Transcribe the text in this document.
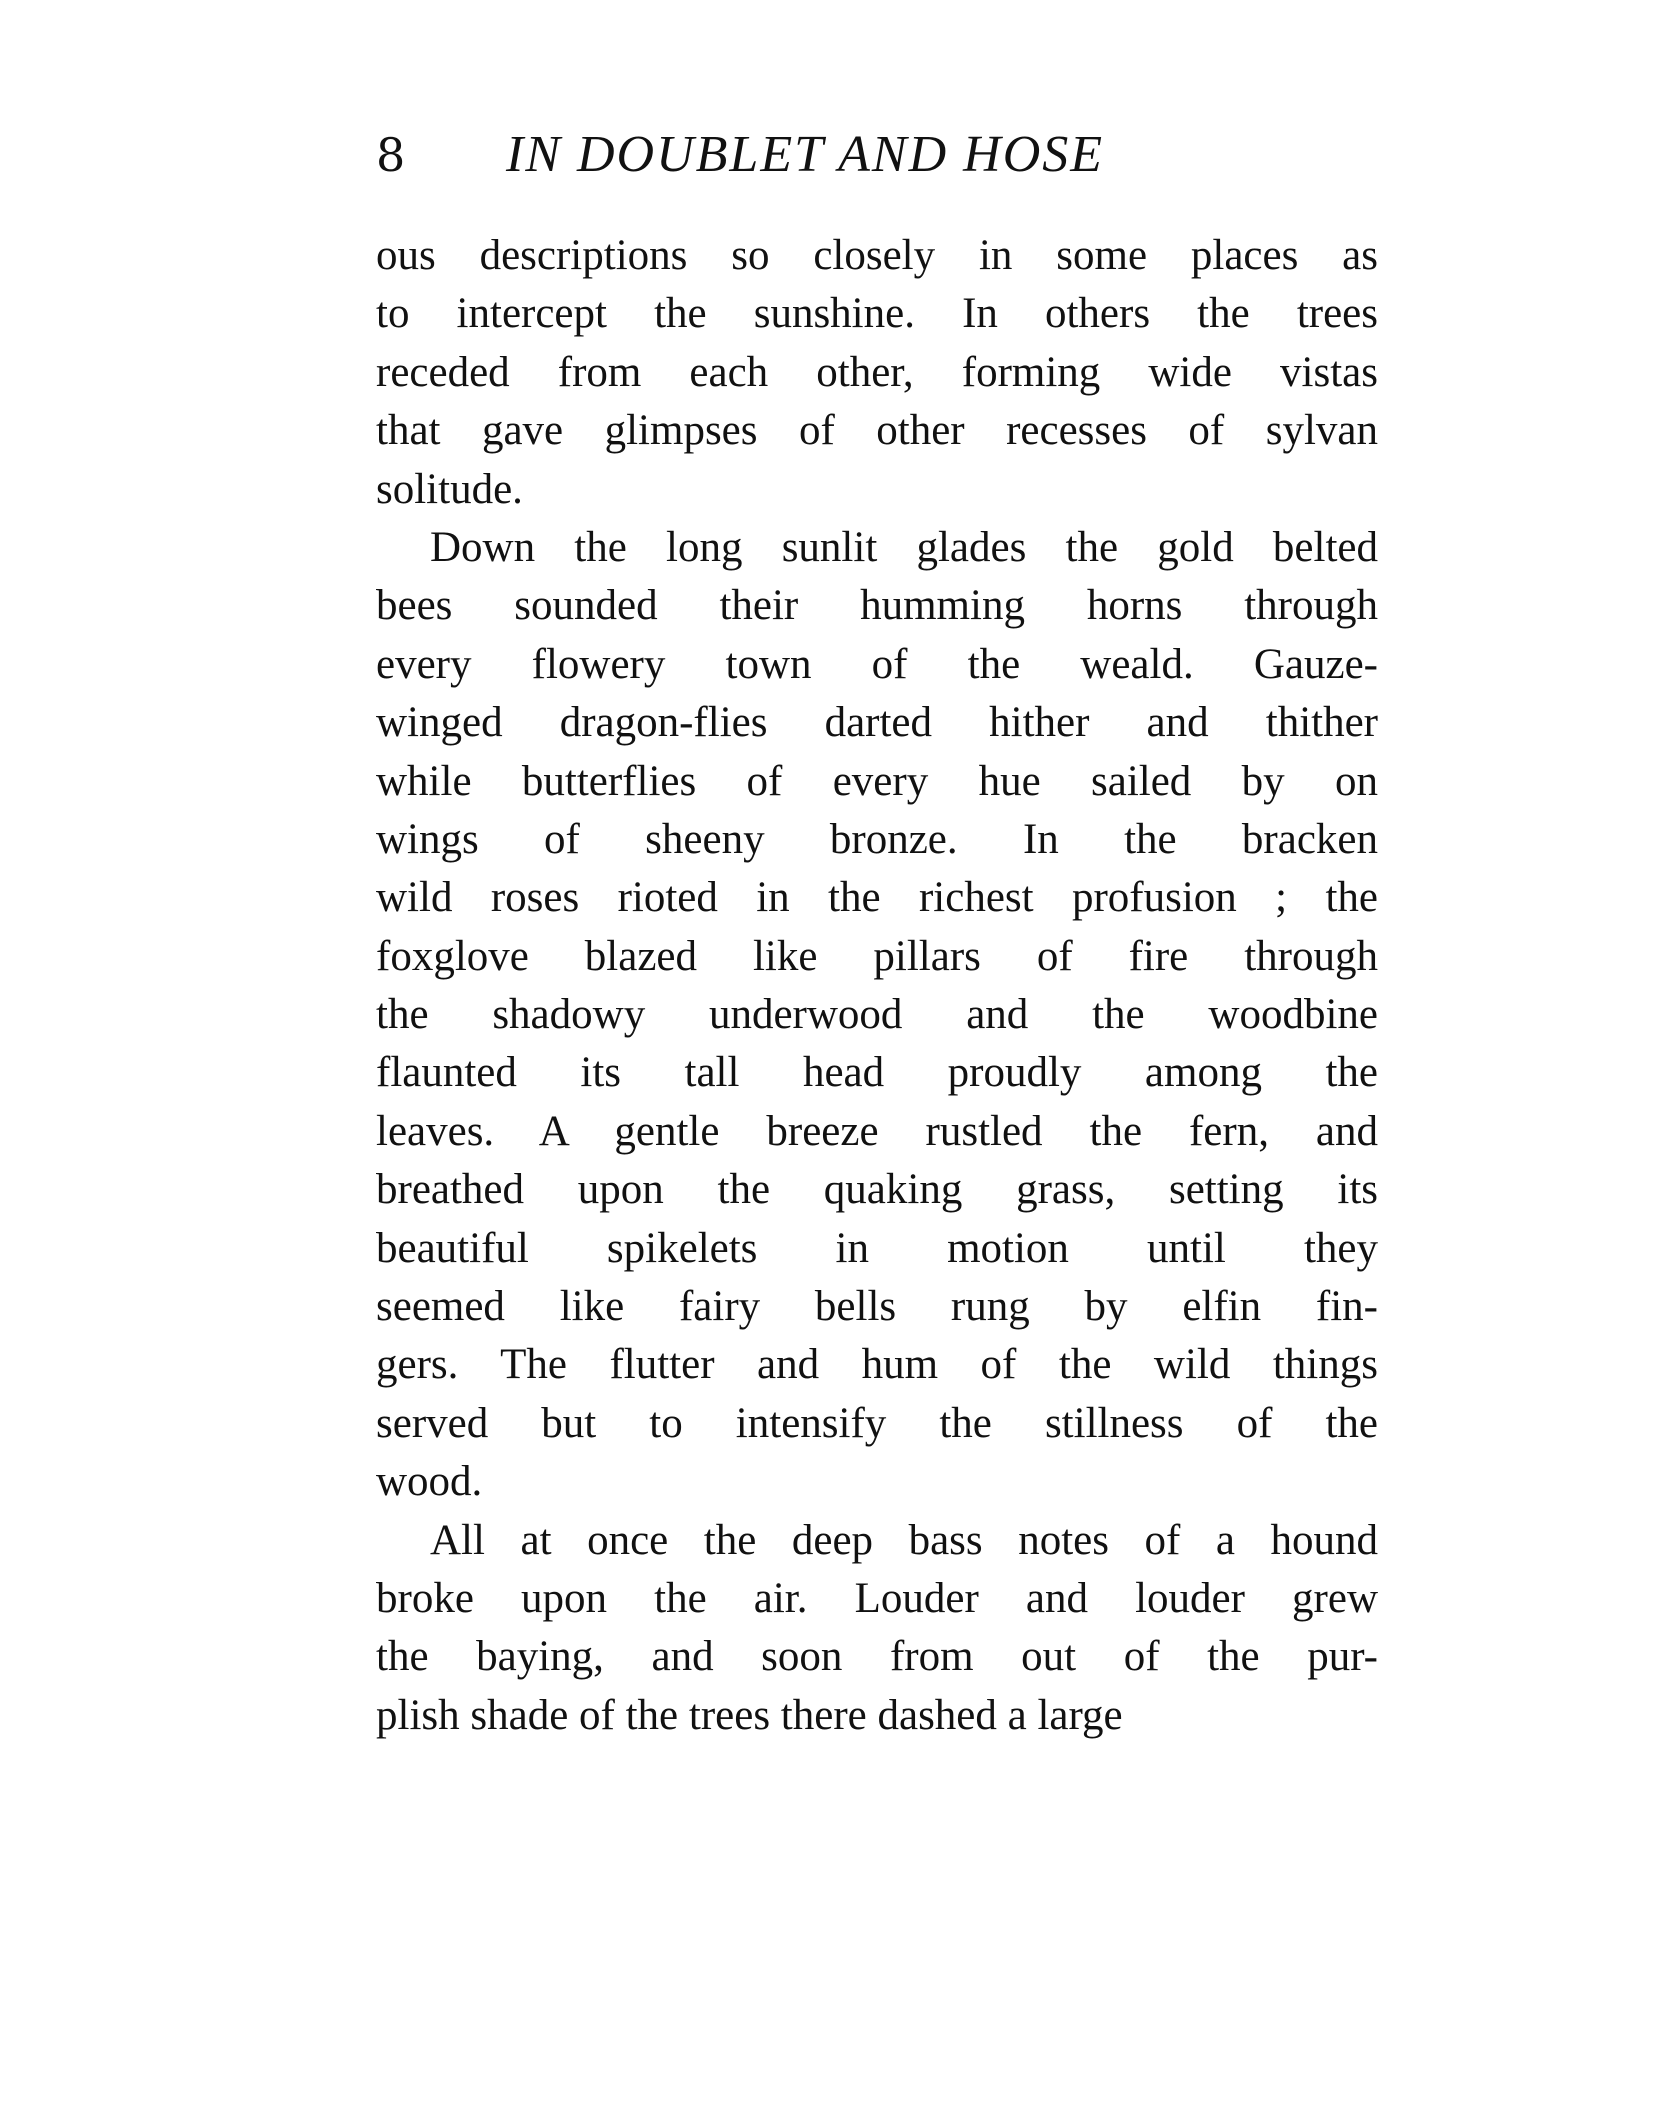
8 IN DOUBLET AND HOSE
ous descriptions so closely in some places as
to intercept the sunshine. In others the trees
receded from each other, forming wide vistas
that gave glimpses of other recesses of sylvan
solitude.
Down the long sunlit glades the gold belted
bees sounded their humming horns through
every flowery town of the weald. Gauze-
winged dragon-flies darted hither and thither
while butterflies of every hue sailed by on
wings of sheeny bronze. In the bracken
wild roses rioted in the richest profusion ; the
foxglove blazed like pillars of fire through
the shadowy underwood and the woodbine
flaunted its tall head proudly among the
leaves. A gentle breeze rustled the fern, and
breathed upon the quaking grass, setting its
beautiful spikelets in motion until they
seemed like fairy bells rung by elfin fin-
gers. The flutter and hum of the wild things
served but to intensify the stillness of the
wood.
All at once the deep bass notes of a hound
broke upon the air. Louder and louder grew
the baying, and soon from out of the pur-
plish shade of the trees there dashed a large
